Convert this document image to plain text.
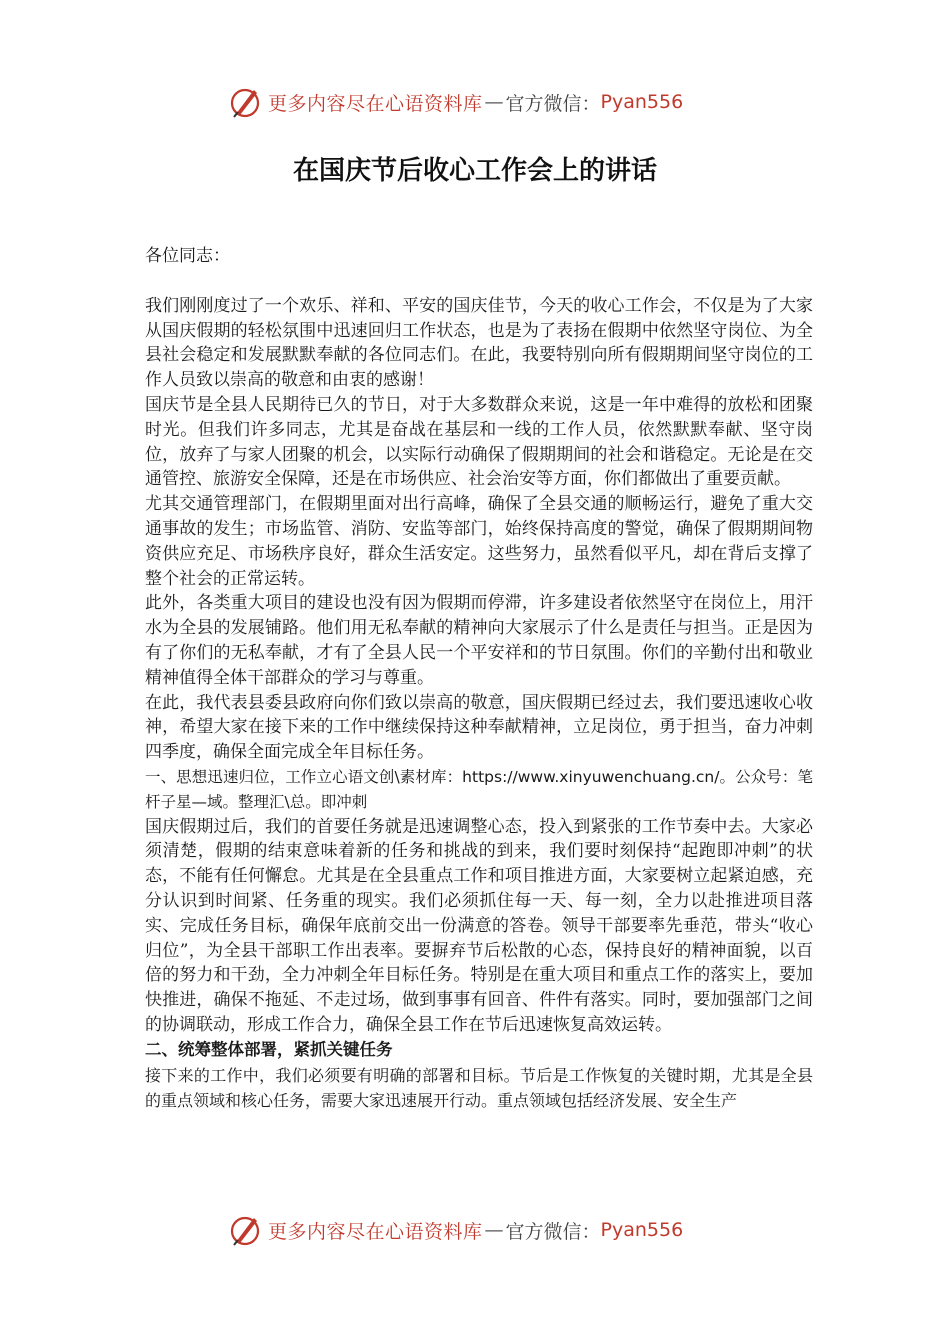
更多内容尽在心语资料库 — 官方微信： Pyan556
在国庆节后收心工作会上的讲话

各位同志：

我们刚刚度过了一个欢乐、祥和、平安的国庆佳节，今天的收心工作会，不仅是为了大家从国庆假期的轻松氛围中迅速回归工作状态，也是为了表扬在假期中依然坚守岗位、为全县社会稳定和发展默默奉献的各位同志们。在此，我要特别向所有假期期间坚守岗位的工作人员致以崇高的敬意和由衷的感谢！

国庆节是全县人民期待已久的节日，对于大多数群众来说，这是一年中难得的放松和团聚时光。但我们许多同志，尤其是奋战在基层和一线的工作人员，依然默默奉献、坚守岗位，放弃了与家人团聚的机会，以实际行动确保了假期期间的社会和谐稳定。无论是在交通管控、旅游安全保障，还是在市场供应、社会治安等方面，你们都做出了重要贡献。

尤其交通管理部门，在假期里面对出行高峰，确保了全县交通的顺畅运行，避免了重大交通事故的发生；市场监管、消防、安监等部门，始终保持高度的警觉，确保了假期期间物资供应充足、市场秩序良好，群众生活安定。这些努力，虽然看似平凡，却在背后支撑了整个社会的正常运转。

此外，各类重大项目的建设也没有因为假期而停滞，许多建设者依然坚守在岗位上，用汗水为全县的发展铺路。他们用无私奉献的精神向大家展示了什么是责任与担当。正是因为有了你们的无私奉献，才有了全县人民一个平安祥和的节日氛围。你们的辛勤付出和敬业精神值得全体干部群众的学习与尊重。

在此，我代表县委县政府向你们致以崇高的敬意，国庆假期已经过去，我们要迅速收心收神，希望大家在接下来的工作中继续保持这种奉献精神，立足岗位，勇于担当，奋力冲刺四季度，确保全面完成全年目标任务。

一、思想迅速归位，工作立心语文创\素材库：https://www.xinyuwenchuang.cn/。公众号：笔杆子星—域。整理汇\总。即冲刺

国庆假期过后，我们的首要任务就是迅速调整心态，投入到紧张的工作节奏中去。大家必须清楚，假期的结束意味着新的任务和挑战的到来，我们要时刻保持“起跑即冲刺”的状态，不能有任何懈怠。尤其是在全县重点工作和项目推进方面，大家要树立起紧迫感，充分认识到时间紧、任务重的现实。我们必须抓住每一天、每一刻，全力以赴推进项目落实、完成任务目标，确保年底前交出一份满意的答卷。领导干部要率先垂范，带头“收心归位”，为全县干部职工作出表率。要摒弃节后松散的心态，保持良好的精神面貌，以百倍的努力和干劲，全力冲刺全年目标任务。特别是在重大项目和重点工作的落实上，要加快推进，确保不拖延、不走过场，做到事事有回音、件件有落实。同时，要加强部门之间的协调联动，形成工作合力，确保全县工作在节后迅速恢复高效运转。

二、统筹整体部署，紧抓关键任务

接下来的工作中，我们必须要有明确的部署和目标。节后是工作恢复的关键时期，尤其是全县的重点领域和核心任务，需要大家迅速展开行动。重点领域包括经济发展、安全生产

更多内容尽在心语资料库 — 官方微信： Pyan556
